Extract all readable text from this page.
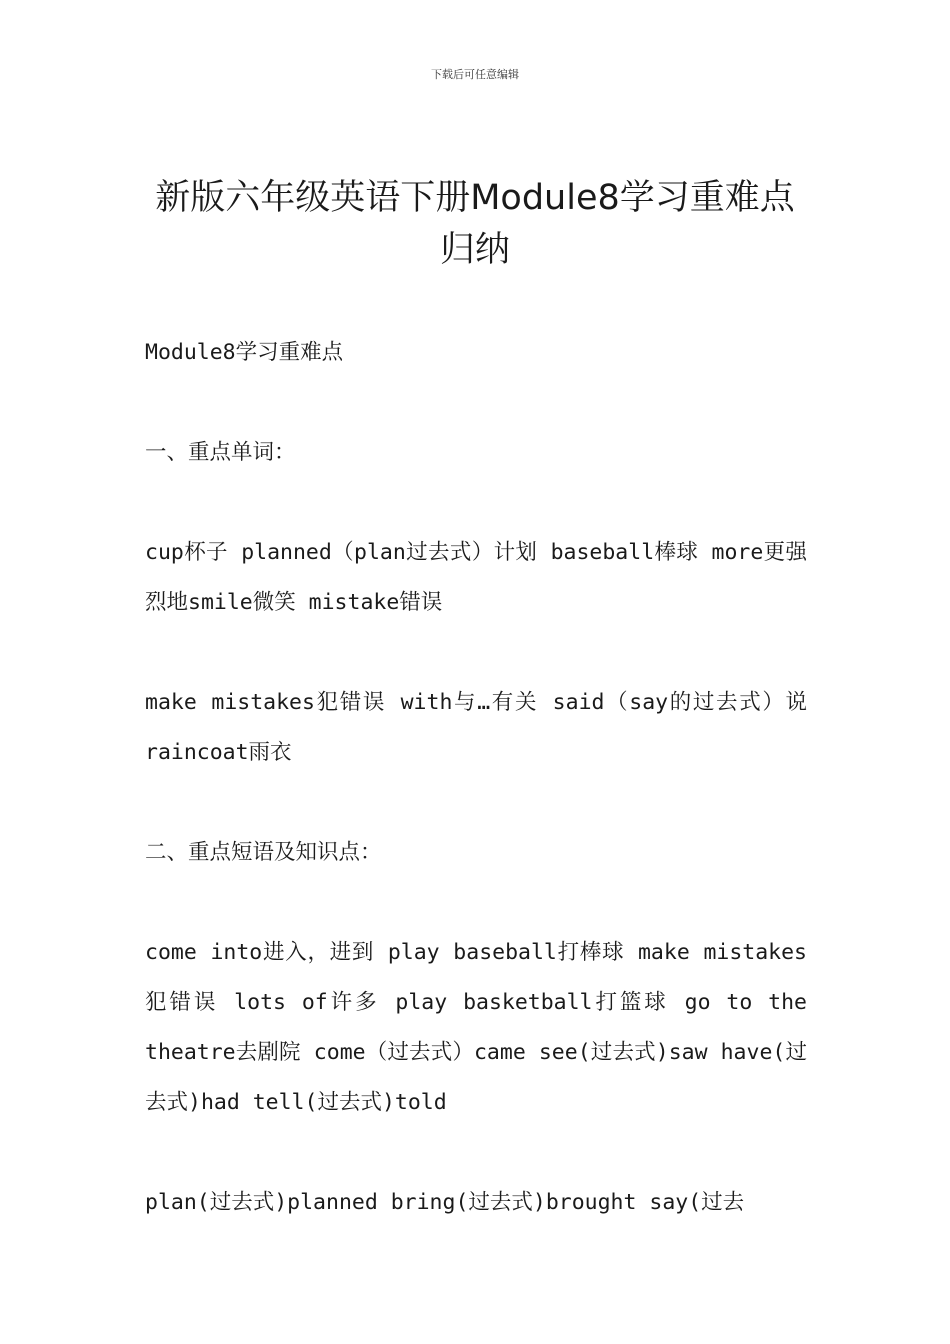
下载后可任意编辑
新版六年级英语下册Module8学习重难点归纳

Module8学习重难点

一、重点单词：

cup杯子 planned（plan过去式）计划 baseball棒球 more更强烈地smile微笑 mistake错误

make mistakes犯错误 with与…有关 said（say的过去式）说 raincoat雨衣

二、重点短语及知识点：

come into进入，进到 play baseball打棒球 make mistakes犯错误 lots of许多 play basketball打篮球 go to the theatre去剧院 come（过去式）came see(过去式)saw have(过去式)had tell(过去式)told

plan(过去式)planned bring(过去式)brought say(过去
